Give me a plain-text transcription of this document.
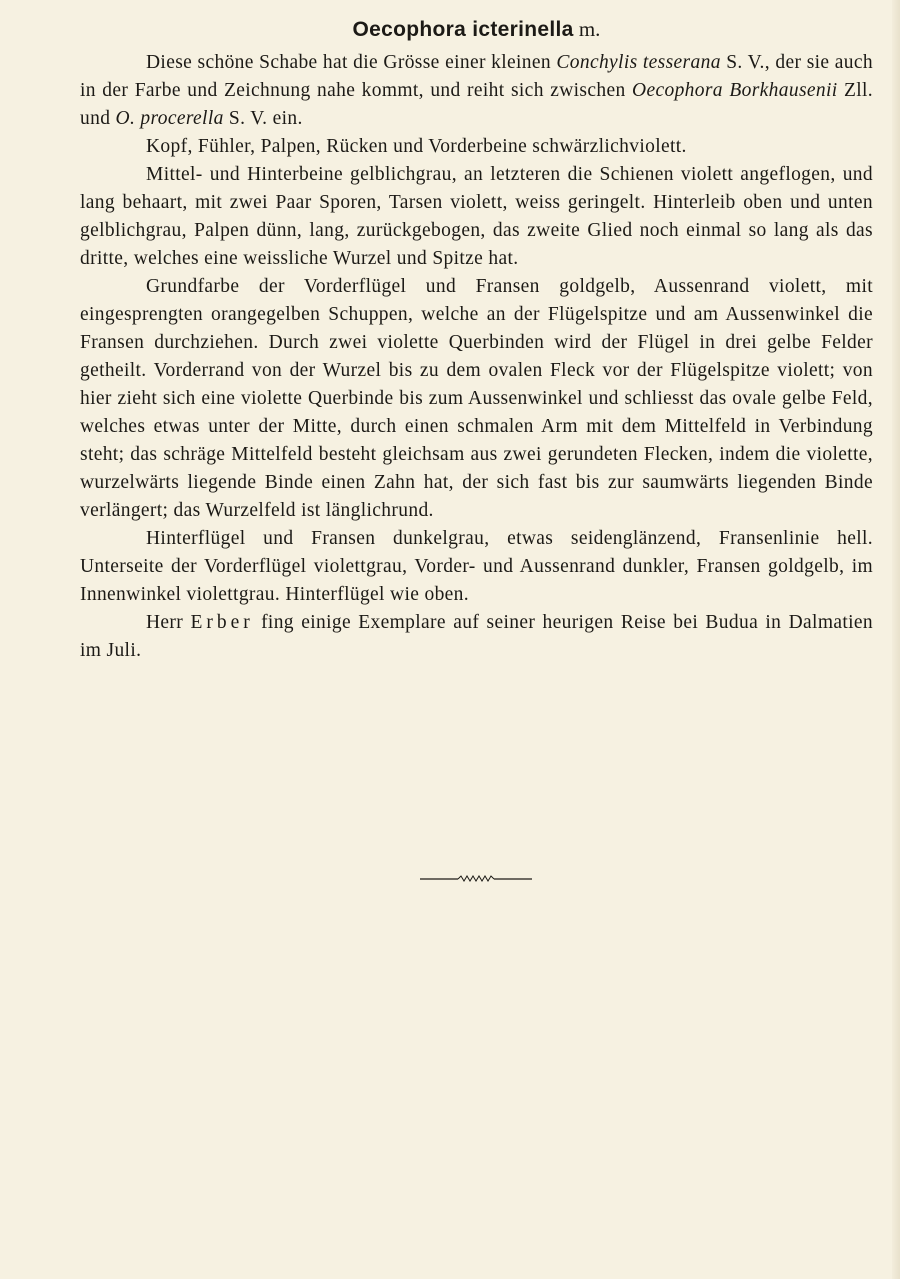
Oecophora icterinella m.

Diese schöne Schabe hat die Grösse einer kleinen Conchylis tesserana S. V., der sie auch in der Farbe und Zeichnung nahe kommt, und reiht sich zwischen Oecophora Borkhausenii Zll. und O. procerella S. V. ein.

Kopf, Fühler, Palpen, Rücken und Vorderbeine schwärzlichviolett.

Mittel- und Hinterbeine gelblichgrau, an letzteren die Schienen violett angeflogen, und lang behaart, mit zwei Paar Sporen, Tarsen violett, weiss geringelt. Hinterleib oben und unten gelblichgrau, Palpen dünn, lang, zurückgebogen, das zweite Glied noch einmal so lang als das dritte, welches eine weissliche Wurzel und Spitze hat.

Grundfarbe der Vorderflügel und Fransen goldgelb, Aussenrand violett, mit eingesprengten orangegelben Schuppen, welche an der Flügelspitze und am Aussenwinkel die Fransen durchziehen. Durch zwei violette Querbinden wird der Flügel in drei gelbe Felder getheilt. Vorderrand von der Wurzel bis zu dem ovalen Fleck vor der Flügelspitze violett; von hier zieht sich eine violette Querbinde bis zum Aussenwinkel und schliesst das ovale gelbe Feld, welches etwas unter der Mitte, durch einen schmalen Arm mit dem Mittelfeld in Verbindung steht; das schräge Mittelfeld besteht gleichsam aus zwei gerundeten Flecken, indem die violette, wurzelwärts liegende Binde einen Zahn hat, der sich fast bis zur saumwärts liegenden Binde verlängert; das Wurzelfeld ist länglichrund.

Hinterflügel und Fransen dunkelgrau, etwas seidenglänzend, Fransenlinie hell. Unterseite der Vorderflügel violettgrau, Vorder- und Aussenrand dunkler, Fransen goldgelb, im Innenwinkel violettgrau. Hinterflügel wie oben.

Herr Erber fing einige Exemplare auf seiner heurigen Reise bei Budua in Dalmatien im Juli.
